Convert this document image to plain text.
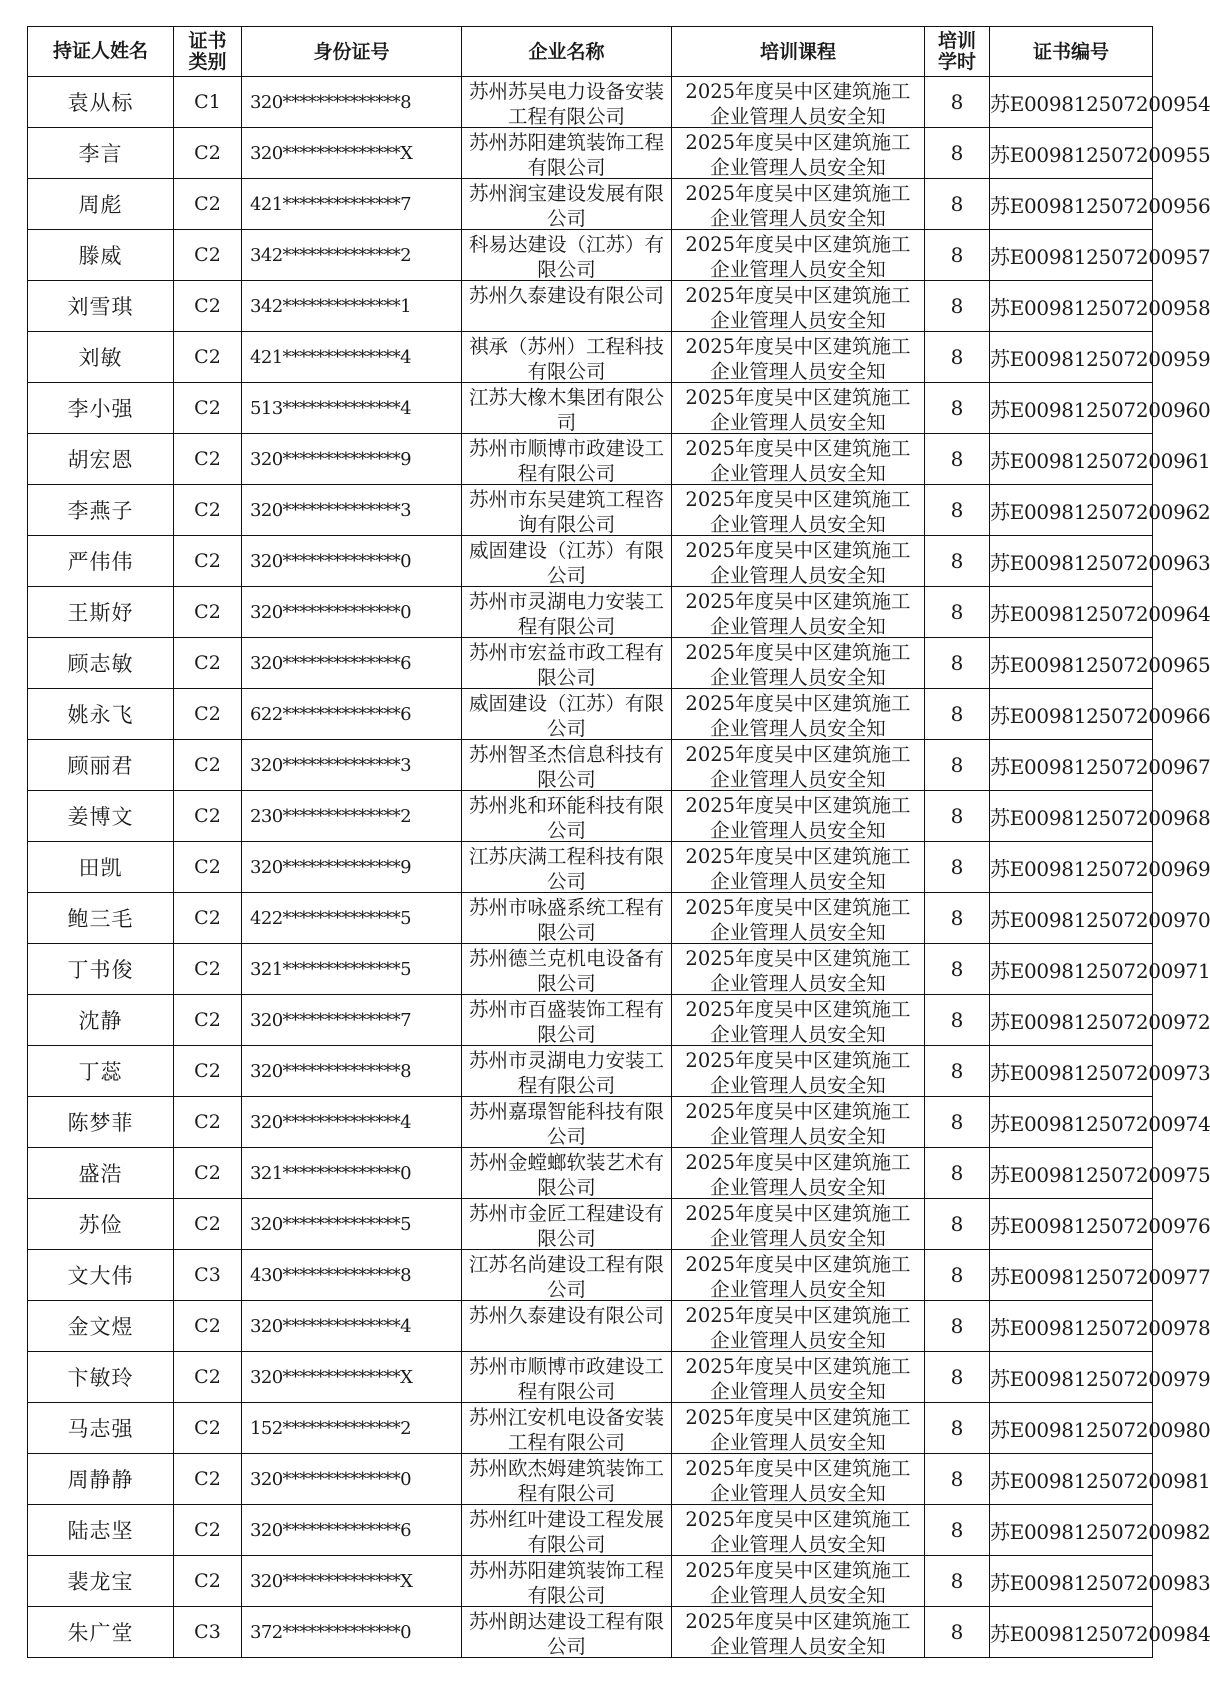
持证人姓名	证书类别	身份证号	企业名称	培训课程	培训学时	证书编号
袁从标	C1	320**************8	苏州苏吴电力设备安装工程有限公司	2025年度吴中区建筑施工企业管理人员安全知	8	苏E009812507200954
李言	C2	320**************X	苏州苏阳建筑装饰工程有限公司	2025年度吴中区建筑施工企业管理人员安全知	8	苏E009812507200955
周彪	C2	421**************7	苏州润宝建设发展有限公司	2025年度吴中区建筑施工企业管理人员安全知	8	苏E009812507200956
滕威	C2	342**************2	科易达建设（江苏）有限公司	2025年度吴中区建筑施工企业管理人员安全知	8	苏E009812507200957
刘雪琪	C2	342**************1	苏州久泰建设有限公司	2025年度吴中区建筑施工企业管理人员安全知	8	苏E009812507200958
刘敏	C2	421**************4	祺承（苏州）工程科技有限公司	2025年度吴中区建筑施工企业管理人员安全知	8	苏E009812507200959
李小强	C2	513**************4	江苏大橡木集团有限公司	2025年度吴中区建筑施工企业管理人员安全知	8	苏E009812507200960
胡宏恩	C2	320**************9	苏州市顺博市政建设工程有限公司	2025年度吴中区建筑施工企业管理人员安全知	8	苏E009812507200961
李燕子	C2	320**************3	苏州市东吴建筑工程咨询有限公司	2025年度吴中区建筑施工企业管理人员安全知	8	苏E009812507200962
严伟伟	C2	320**************0	威固建设（江苏）有限公司	2025年度吴中区建筑施工企业管理人员安全知	8	苏E009812507200963
王斯妤	C2	320**************0	苏州市灵湖电力安装工程有限公司	2025年度吴中区建筑施工企业管理人员安全知	8	苏E009812507200964
顾志敏	C2	320**************6	苏州市宏益市政工程有限公司	2025年度吴中区建筑施工企业管理人员安全知	8	苏E009812507200965
姚永飞	C2	622**************6	威固建设（江苏）有限公司	2025年度吴中区建筑施工企业管理人员安全知	8	苏E009812507200966
顾丽君	C2	320**************3	苏州智圣杰信息科技有限公司	2025年度吴中区建筑施工企业管理人员安全知	8	苏E009812507200967
姜博文	C2	230**************2	苏州兆和环能科技有限公司	2025年度吴中区建筑施工企业管理人员安全知	8	苏E009812507200968
田凯	C2	320**************9	江苏庆满工程科技有限公司	2025年度吴中区建筑施工企业管理人员安全知	8	苏E009812507200969
鲍三毛	C2	422**************5	苏州市咏盛系统工程有限公司	2025年度吴中区建筑施工企业管理人员安全知	8	苏E009812507200970
丁书俊	C2	321**************5	苏州德兰克机电设备有限公司	2025年度吴中区建筑施工企业管理人员安全知	8	苏E009812507200971
沈静	C2	320**************7	苏州市百盛装饰工程有限公司	2025年度吴中区建筑施工企业管理人员安全知	8	苏E009812507200972
丁蕊	C2	320**************8	苏州市灵湖电力安装工程有限公司	2025年度吴中区建筑施工企业管理人员安全知	8	苏E009812507200973
陈梦菲	C2	320**************4	苏州嘉璟智能科技有限公司	2025年度吴中区建筑施工企业管理人员安全知	8	苏E009812507200974
盛浩	C2	321**************0	苏州金螳螂软装艺术有限公司	2025年度吴中区建筑施工企业管理人员安全知	8	苏E009812507200975
苏俭	C2	320**************5	苏州市金匠工程建设有限公司	2025年度吴中区建筑施工企业管理人员安全知	8	苏E009812507200976
文大伟	C3	430**************8	江苏名尚建设工程有限公司	2025年度吴中区建筑施工企业管理人员安全知	8	苏E009812507200977
金文煜	C2	320**************4	苏州久泰建设有限公司	2025年度吴中区建筑施工企业管理人员安全知	8	苏E009812507200978
卞敏玲	C2	320**************X	苏州市顺博市政建设工程有限公司	2025年度吴中区建筑施工企业管理人员安全知	8	苏E009812507200979
马志强	C2	152**************2	苏州江安机电设备安装工程有限公司	2025年度吴中区建筑施工企业管理人员安全知	8	苏E009812507200980
周静静	C2	320**************0	苏州欧杰姆建筑装饰工程有限公司	2025年度吴中区建筑施工企业管理人员安全知	8	苏E009812507200981
陆志坚	C2	320**************6	苏州红叶建设工程发展有限公司	2025年度吴中区建筑施工企业管理人员安全知	8	苏E009812507200982
裴龙宝	C2	320**************X	苏州苏阳建筑装饰工程有限公司	2025年度吴中区建筑施工企业管理人员安全知	8	苏E009812507200983
朱广堂	C3	372**************0	苏州朗达建设工程有限公司	2025年度吴中区建筑施工企业管理人员安全知	8	苏E009812507200984
